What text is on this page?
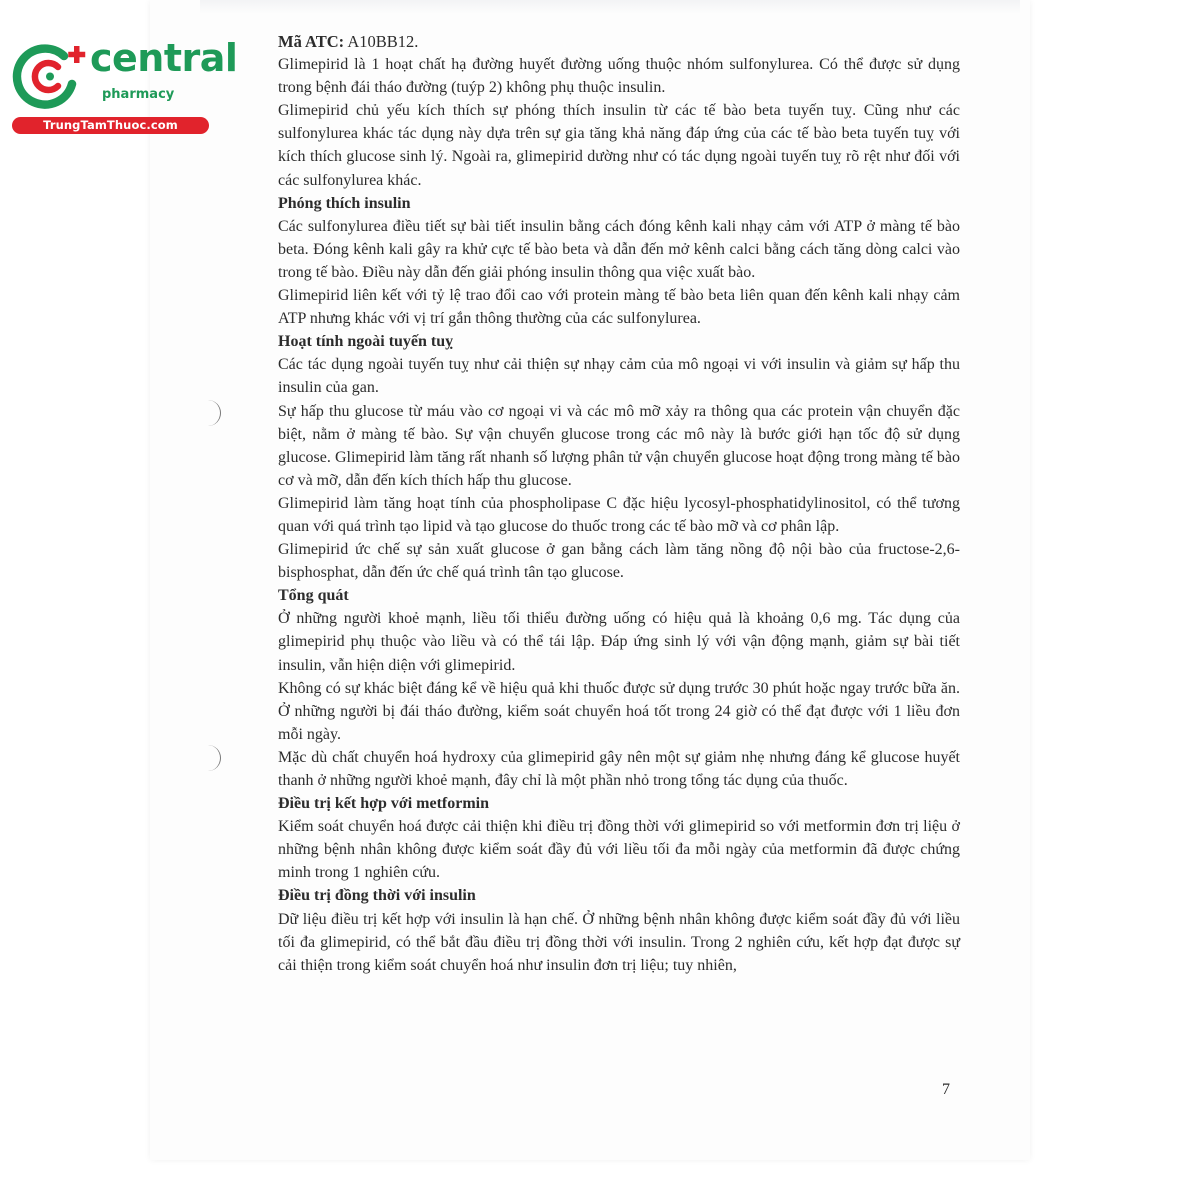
central
pharmacy
TrungTamThuoc.com

Mã ATC: A10BB12.

Glimepirid là 1 hoạt chất hạ đường huyết đường uống thuộc nhóm sulfonylurea. Có thể được sử dụng trong bệnh đái tháo đường (tuýp 2) không phụ thuộc insulin.

Glimepirid chủ yếu kích thích sự phóng thích insulin từ các tế bào beta tuyến tuỵ. Cũng như các sulfonylurea khác tác dụng này dựa trên sự gia tăng khả năng đáp ứng của các tế bào beta tuyến tuỵ với kích thích glucose sinh lý. Ngoài ra, glimepirid dường như có tác dụng ngoài tuyến tuỵ rõ rệt như đối với các sulfonylurea khác.

Phóng thích insulin

Các sulfonylurea điều tiết sự bài tiết insulin bằng cách đóng kênh kali nhạy cảm với ATP ở màng tế bào beta. Đóng kênh kali gây ra khử cực tế bào beta và dẫn đến mở kênh calci bằng cách tăng dòng calci vào trong tế bào. Điều này dẫn đến giải phóng insulin thông qua việc xuất bào.

Glimepirid liên kết với tỷ lệ trao đổi cao với protein màng tế bào beta liên quan đến kênh kali nhạy cảm ATP nhưng khác với vị trí gắn thông thường của các sulfonylurea.

Hoạt tính ngoài tuyến tuỵ

Các tác dụng ngoài tuyến tuỵ như cải thiện sự nhạy cảm của mô ngoại vi với insulin và giảm sự hấp thu insulin của gan.

Sự hấp thu glucose từ máu vào cơ ngoại vi và các mô mỡ xảy ra thông qua các protein vận chuyển đặc biệt, nằm ở màng tế bào. Sự vận chuyển glucose trong các mô này là bước giới hạn tốc độ sử dụng glucose. Glimepirid làm tăng rất nhanh số lượng phân tử vận chuyển glucose hoạt động trong màng tế bào cơ và mỡ, dẫn đến kích thích hấp thu glucose.

Glimepirid làm tăng hoạt tính của phospholipase C đặc hiệu lycosyl-phosphatidylinositol, có thể tương quan với quá trình tạo lipid và tạo glucose do thuốc trong các tế bào mỡ và cơ phân lập.

Glimepirid ức chế sự sản xuất glucose ở gan bằng cách làm tăng nồng độ nội bào của fructose-2,6-bisphosphat, dẫn đến ức chế quá trình tân tạo glucose.

Tổng quát

Ở những người khoẻ mạnh, liều tối thiểu đường uống có hiệu quả là khoảng 0,6 mg. Tác dụng của glimepirid phụ thuộc vào liều và có thể tái lập. Đáp ứng sinh lý với vận động mạnh, giảm sự bài tiết insulin, vẫn hiện diện với glimepirid.

Không có sự khác biệt đáng kể về hiệu quả khi thuốc được sử dụng trước 30 phút hoặc ngay trước bữa ăn. Ở những người bị đái tháo đường, kiểm soát chuyển hoá tốt trong 24 giờ có thể đạt được với 1 liều đơn mỗi ngày.

Mặc dù chất chuyển hoá hydroxy của glimepirid gây nên một sự giảm nhẹ nhưng đáng kể glucose huyết thanh ở những người khoẻ mạnh, đây chỉ là một phần nhỏ trong tổng tác dụng của thuốc.

Điều trị kết hợp với metformin

Kiểm soát chuyển hoá được cải thiện khi điều trị đồng thời với glimepirid so với metformin đơn trị liệu ở những bệnh nhân không được kiểm soát đầy đủ với liều tối đa mỗi ngày của metformin đã được chứng minh trong 1 nghiên cứu.

Điều trị đồng thời với insulin

Dữ liệu điều trị kết hợp với insulin là hạn chế. Ở những bệnh nhân không được kiểm soát đầy đủ với liều tối đa glimepirid, có thể bắt đầu điều trị đồng thời với insulin. Trong 2 nghiên cứu, kết hợp đạt được sự cải thiện trong kiểm soát chuyển hoá như insulin đơn trị liệu; tuy nhiên,

7
